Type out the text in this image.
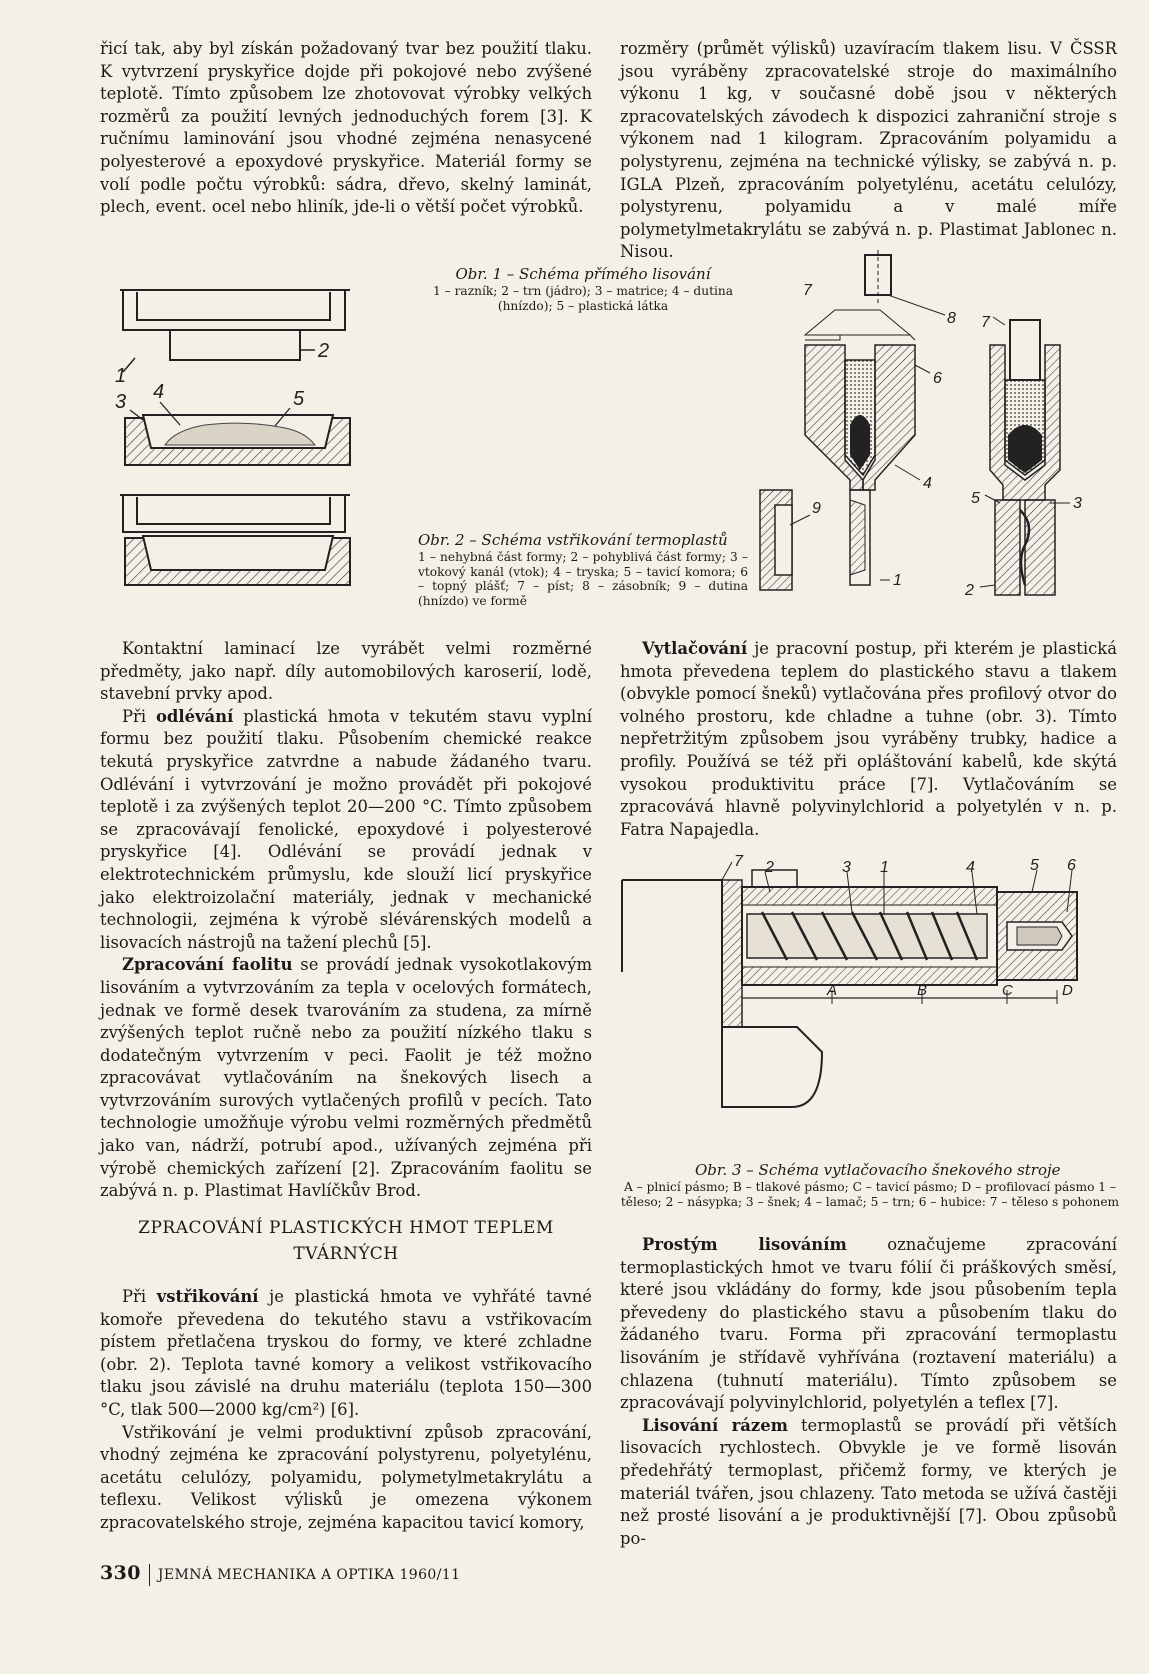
řicí tak, aby byl získán požadovaný tvar bez použití tlaku. K vytvrzení pryskyřice dojde při pokojové nebo zvýšené teplotě. Tímto způsobem lze zhotovovat výrobky velkých rozměrů za použití levných jednoduchých forem [3]. K ručnímu laminování jsou vhodné zejména nenasycené polyesterové a epoxydové pryskyřice. Materiál formy se volí podle počtu výrobků: sádra, dřevo, skelný laminát, plech, event. ocel nebo hliník, jde-li o větší počet výrobků.

rozměry (průmět výlisků) uzavíracím tlakem lisu. V ČSSR jsou vyráběny zpracovatelské stroje do maximálního výkonu 1 kg, v současné době jsou v některých zpracovatelských závodech k dispozici zahraniční stroje s výkonem nad 1 kilogram. Zpracováním polyamidu a polystyrenu, zejména na technické výlisky, se zabývá n. p. IGLA Plzeň, zpracováním polyetylénu, acetátu celulózy, polystyrenu, polyamidu a v malé míře polymetylmetakrylátu se zabývá n. p. Plastimat Jablonec n. Nisou.

1
2
3 4	5
Obr. 1 – Schéma přímého lisování
1 – razník; 2 – trn (jádro); 3 – matrice; 4 – dutina (hnízdo); 5 – plastická látka
Obr. 2 – Schéma vstřikování termoplastů
1 – nehybná část formy; 2 – pohyblivá část formy; 3 – vtokový kanál (vtok); 4 – tryska; 5 – tavicí komora; 6 – topný plášť; 7 – píst; 8 – zásobník; 9 – dutina (hnízdo) ve formě
7
8
6
4
9
1
7
5	3
2

Kontaktní laminací lze vyrábět velmi rozměrné předměty, jako např. díly automobilových karoserií, lodě, stavební prvky apod.

Při odlévání plastická hmota v tekutém stavu vyplní formu bez použití tlaku. Působením chemické reakce tekutá pryskyřice zatvrdne a nabude žádaného tvaru. Odlévání i vytvrzování je možno provádět při pokojové teplotě i za zvýšených teplot 20—200 °C. Tímto způsobem se zpracovávají fenolické, epoxydové i polyesterové pryskyřice [4]. Odlévání se provádí jednak v elektrotechnickém průmyslu, kde slouží licí pryskyřice jako elektroizolační materiály, jednak v mechanické technologii, zejména k výrobě slévárenských modelů a lisovacích nástrojů na tažení plechů [5].

Zpracování faolitu se provádí jednak vysokotlakovým lisováním a vytvrzováním za tepla v ocelových formátech, jednak ve formě desek tvarováním za studena, za mírně zvýšených teplot ručně nebo za použití nízkého tlaku s dodatečným vytvrzením v peci. Faolit je též možno zpracovávat vytlačováním na šnekových lisech a vytvrzováním surových vytlačených profilů v pecích. Tato technologie umožňuje výrobu velmi rozměrných předmětů jako van, nádrží, potrubí apod., užívaných zejména při výrobě chemických zařízení [2]. Zpracováním faolitu se zabývá n. p. Plastimat Havlíčkův Brod.

ZPRACOVÁNÍ PLASTICKÝCH HMOT TEPLEM TVÁRNÝCH

Při vstřikování je plastická hmota ve vyhřáté tavné komoře převedena do tekutého stavu a vstřikovacím pístem přetlačena tryskou do formy, ve které zchladne (obr. 2). Teplota tavné komory a velikost vstřikovacího tlaku jsou závislé na druhu materiálu (teplota 150—300 °C, tlak 500—2000 kg/cm²) [6].

Vstřikování je velmi produktivní způsob zpracování, vhodný zejména ke zpracování polystyrenu, polyetylénu, acetátu celulózy, polyamidu, polymetylmetakrylátu a teflexu. Velikost výlisků je omezena výkonem zpracovatelského stroje, zejména kapacitou tavicí komory,

Vytlačování je pracovní postup, při kterém je plastická hmota převedena teplem do plastického stavu a tlakem (obvykle pomocí šneků) vytlačována přes profilový otvor do volného prostoru, kde chladne a tuhne (obr. 3). Tímto nepřetržitým způsobem jsou vyráběny trubky, hadice a profily. Používá se též při opláštování kabelů, kde skýtá vysokou produktivitu práce [7]. Vytlačováním se zpracovává hlavně polyvinylchlorid a polyetylén v n. p. Fatra Napajedla.

7 2	3 1	4	5 6
A	B	C	D
Obr. 3 – Schéma vytlačovacího šnekového stroje
A – plnicí pásmo; B – tlakové pásmo; C – tavicí pásmo; D – profilovací pásmo 1 – těleso; 2 – násypka; 3 – šnek; 4 – lamač; 5 – trn; 6 – hubice: 7 – těleso s pohonem

Prostým lisováním označujeme zpracování termoplastických hmot ve tvaru fólií či práškových směsí, které jsou vkládány do formy, kde jsou působením tepla převedeny do plastického stavu a působením tlaku do žádaného tvaru. Forma při zpracování termoplastu lisováním je střídavě vyhřívána (roztavení materiálu) a chlazena (tuhnutí materiálu). Tímto způsobem se zpracovávají polyvinylchlorid, polyetylén a teflex [7].

Lisování rázem termoplastů se provádí při větších lisovacích rychlostech. Obvykle je ve formě lisován předehřátý termoplast, přičemž formy, ve kterých je materiál tvářen, jsou chlazeny. Tato metoda se užívá častěji než prosté lisování a je produktivnější [7]. Obou způsobů po-

330 JEMNÁ MECHANIKA A OPTIKA 1960/11
